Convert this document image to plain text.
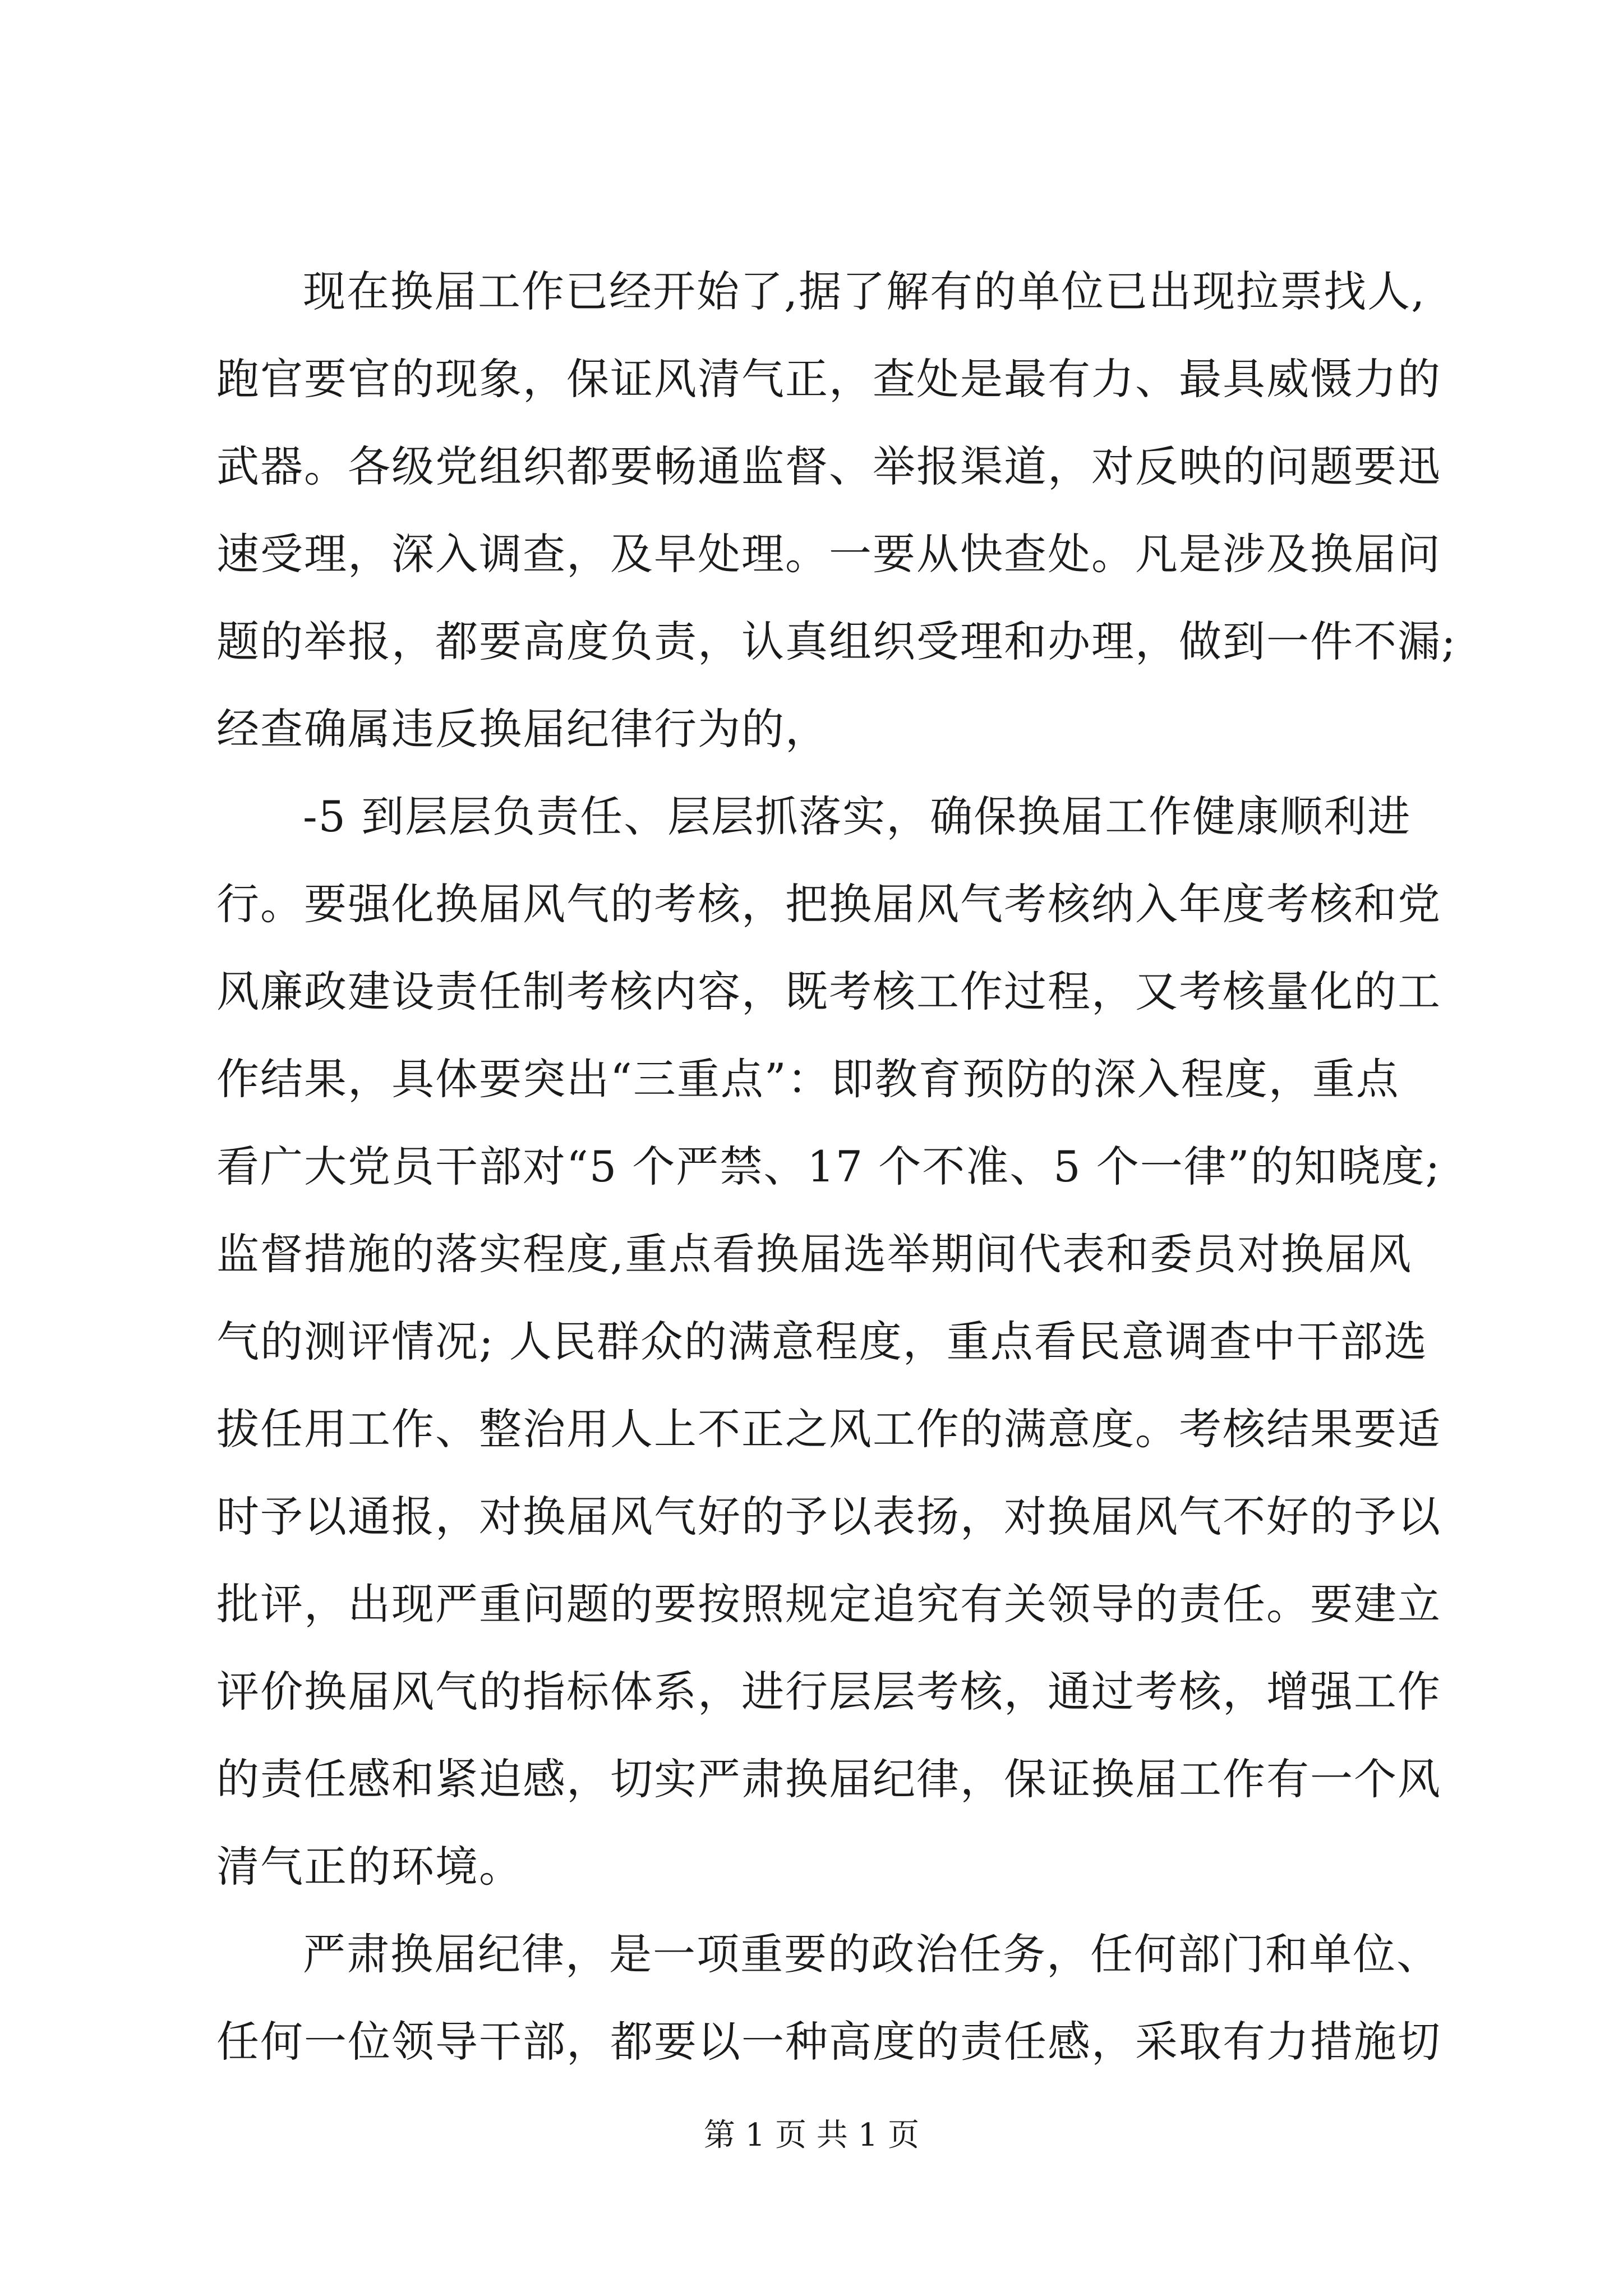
现在换届工作已经开始了,据了解有的单位已出现拉票找人,
跑官要官的现象，保证风清气正，查处是最有力、最具威慑力的
武器。各级党组织都要畅通监督、举报渠道，对反映的问题要迅
速受理，深入调查，及早处理。一要从快查处。凡是涉及换届问
题的举报，都要高度负责，认真组织受理和办理，做到一件不漏;
经查确属违反换届纪律行为的，
-5 到层层负责任、层层抓落实，确保换届工作健康顺利进
行。要强化换届风气的考核，把换届风气考核纳入年度考核和党
风廉政建设责任制考核内容，既考核工作过程，又考核量化的工
作结果，具体要突出“三重点”：即教育预防的深入程度，重点
看广大党员干部对“5 个严禁、17 个不准、5 个一律”的知晓度;
监督措施的落实程度,重点看换届选举期间代表和委员对换届风
气的测评情况; 人民群众的满意程度，重点看民意调查中干部选
拔任用工作、整治用人上不正之风工作的满意度。考核结果要适
时予以通报，对换届风气好的予以表扬，对换届风气不好的予以
批评，出现严重问题的要按照规定追究有关领导的责任。要建立
评价换届风气的指标体系，进行层层考核，通过考核，增强工作
的责任感和紧迫感，切实严肃换届纪律，保证换届工作有一个风
清气正的环境。
严肃换届纪律，是一项重要的政治任务，任何部门和单位、
任何一位领导干部，都要以一种高度的责任感，采取有力措施切
第 1 页 共 1 页
